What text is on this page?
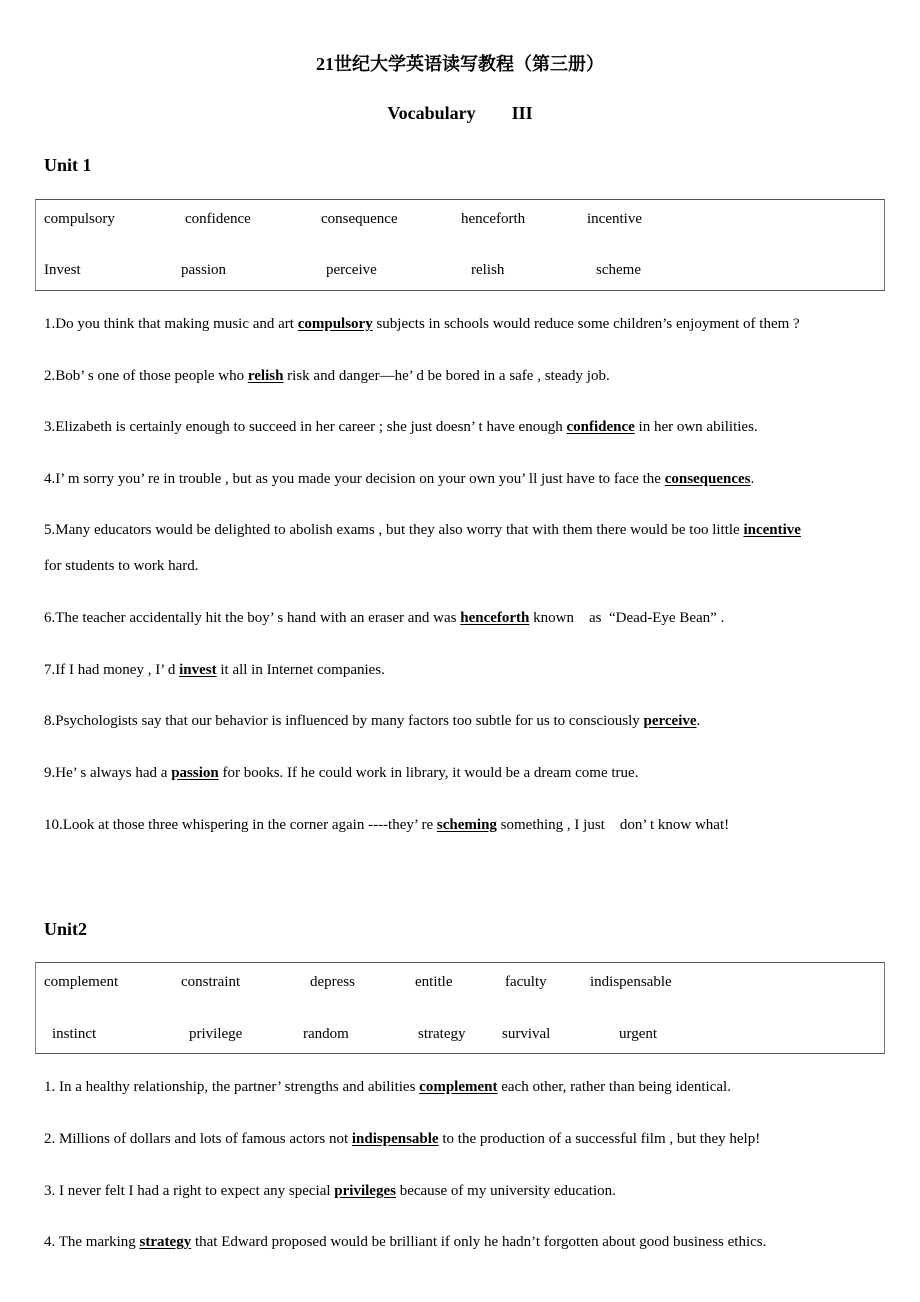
21世纪大学英语读写教程（第三册）
Vocabulary III
Unit 1
compulsory	confidence	consequence	henceforth	incentive
Invest	passion	perceive	relish	scheme
1.Do you think that making music and art compulsory subjects in schools would reduce some children’s enjoyment of them ?
2.Bob’ s one of those people who relish risk and danger—he’ d be bored in a safe , steady job.
3.Elizabeth is certainly enough to succeed in her career ; she just doesn’ t have enough confidence in her own abilities.
4.I’ m sorry you’ re in trouble , but as you made your decision on your own you’ ll just have to face the consequences.
5.Many educators would be delighted to abolish exams , but they also worry that with them there would be too little incentive
for students to work hard.
6.The teacher accidentally hit the boy’ s hand with an eraser and was henceforth known    as  “Dead-Eye Bean” .
7.If I had money , I’ d invest it all in Internet companies.
8.Psychologists say that our behavior is influenced by many factors too subtle for us to consciously perceive.
9.He’ s always had a passion for books. If he could work in library, it would be a dream come true.
10.Look at those three whispering in the corner again ----they’ re scheming something , I just    don’ t know what!
Unit2
complement	constraint	depress	entitle	faculty	indispensable
instinct	privilege	random	strategy survival	urgent
1. In a healthy relationship, the partner’ strengths and abilities complement each other, rather than being identical.
2. Millions of dollars and lots of famous actors not indispensable to the production of a successful film , but they help!
3. I never felt I had a right to expect any special privileges because of my university education.
4. The marking strategy that Edward proposed would be brilliant if only he hadn’t forgotten about good business ethics.
